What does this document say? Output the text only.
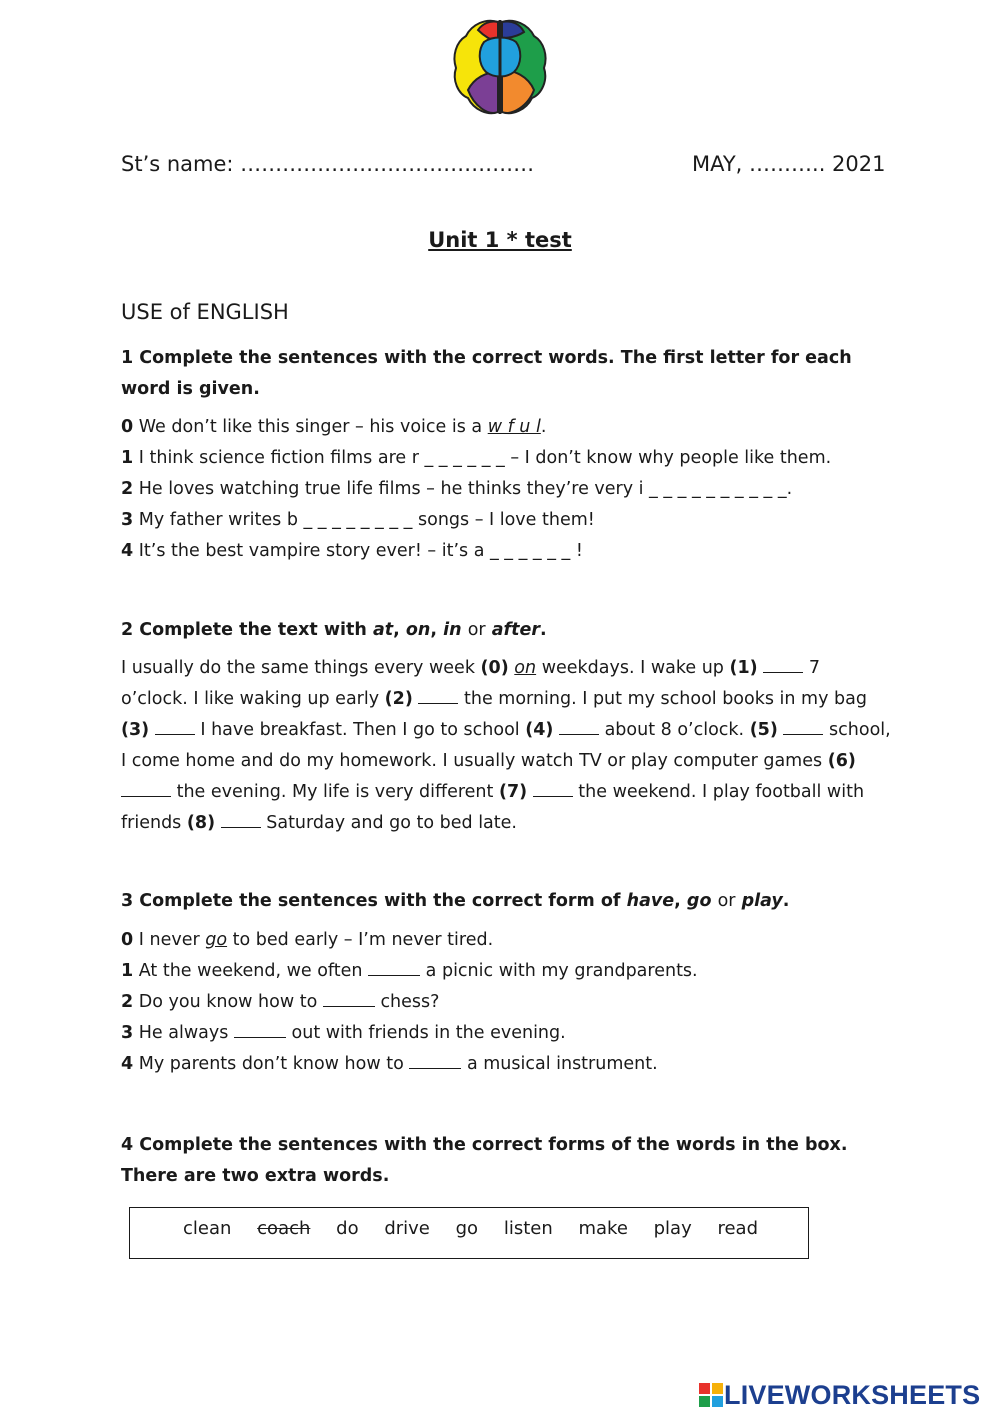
St’s name: ……………………………………	MAY, ……….. 2021
Unit 1 * test
USE of ENGLISH
1 Complete the sentences with the correct words. The first letter for each word is given.
0 We don’t like this singer – his voice is a w f u l.
1 I think science fiction films are r _ _ _ _ _ _ – I don’t know why people like them.
2 He loves watching true life films – he thinks they’re very i _ _ _ _ _ _ _ _ _ _.
3 My father writes b _ _ _ _ _ _ _ _ songs – I love them!
4 It’s the best vampire story ever! – it’s a _ _ _ _ _ _ !
2 Complete the text with at, on, in or after.
I usually do the same things every week (0) on weekdays. I wake up (1)	7 o’clock. I like waking up early (2)	the morning. I put my school books in my bag (3)	I have breakfast. Then I go to school (4)	about 8 o’clock. (5)	school, I come home and do my homework. I usually watch TV or play computer games (6)  the evening. My life is very different (7)	the weekend. I play football with friends (8)	Saturday and go to bed late.
3 Complete the sentences with the correct form of have, go or play.
0 I never go to bed early – I’m never tired.
1 At the weekend, we often	a picnic with my grandparents.
2 Do you know how to	chess?
3 He always	out with friends in the evening.
4 My parents don’t know how to	a musical instrument.
4 Complete the sentences with the correct forms of the words in the box. There are two extra words.
clean coach do drive go listen make play read
LIVEWORKSHEETS
